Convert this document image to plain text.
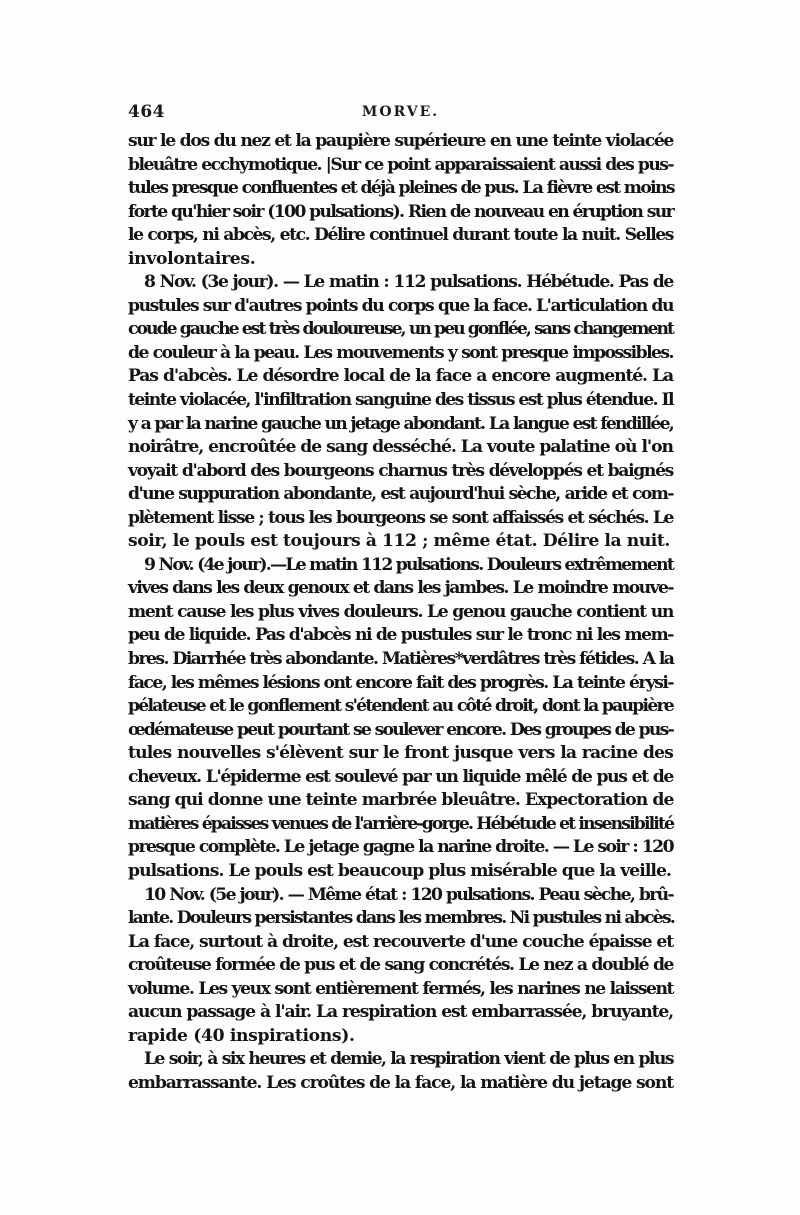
464	MORVE.
sur le dos du nez et la paupière supérieure en une teinte violacée
bleuâtre ecchymotique. |Sur ce point apparaissaient aussi des pus-
tules presque confluentes et déjà pleines de pus. La fièvre est moins
forte qu'hier soir (100 pulsations). Rien de nouveau en éruption sur
le corps, ni abcès, etc. Délire continuel durant toute la nuit. Selles
involontaires.
8 Nov. (3e jour). — Le matin : 112 pulsations. Hébétude. Pas de
pustules sur d'autres points du corps que la face. L'articulation du
coude gauche est très douloureuse, un peu gonflée, sans changement
de couleur à la peau. Les mouvements y sont presque impossibles.
Pas d'abcès. Le désordre local de la face a encore augmenté. La
teinte violacée, l'infiltration sanguine des tissus est plus étendue. Il
y a par la narine gauche un jetage abondant. La langue est fendillée,
noirâtre, encroûtée de sang desséché. La voute palatine où l'on
voyait d'abord des bourgeons charnus très développés et baignés
d'une suppuration abondante, est aujourd'hui sèche, aride et com-
plètement lisse ; tous les bourgeons se sont affaissés et séchés. Le
soir, le pouls est toujours à 112 ; même état. Délire la nuit.
9 Nov. (4e jour).—Le matin 112 pulsations. Douleurs extrêmement
vives dans les deux genoux et dans les jambes. Le moindre mouve-
ment cause les plus vives douleurs. Le genou gauche contient un
peu de liquide. Pas d'abcès ni de pustules sur le tronc ni les mem-
bres. Diarrhée très abondante. Matières*verdâtres très fétides. A la
face, les mêmes lésions ont encore fait des progrès. La teinte érysi-
pélateuse et le gonflement s'étendent au côté droit, dont la paupière
œdémateuse peut pourtant se soulever encore. Des groupes de pus-
tules nouvelles s'élèvent sur le front jusque vers la racine des
cheveux. L'épiderme est soulevé par un liquide mêlé de pus et de
sang qui donne une teinte marbrée bleuâtre. Expectoration de
matières épaisses venues de l'arrière-gorge. Hébétude et insensibilité
presque complète. Le jetage gagne la narine droite. — Le soir : 120
pulsations. Le pouls est beaucoup plus misérable que la veille.
10 Nov. (5e jour). — Même état : 120 pulsations. Peau sèche, brû-
lante. Douleurs persistantes dans les membres. Ni pustules ni abcès.
La face, surtout à droite, est recouverte d'une couche épaisse et
croûteuse formée de pus et de sang concrétés. Le nez a doublé de
volume. Les yeux sont entièrement fermés, les narines ne laissent
aucun passage à l'air. La respiration est embarrassée, bruyante,
rapide (40 inspirations).
Le soir, à six heures et demie, la respiration vient de plus en plus
embarrassante. Les croûtes de la face, la matière du jetage sont
